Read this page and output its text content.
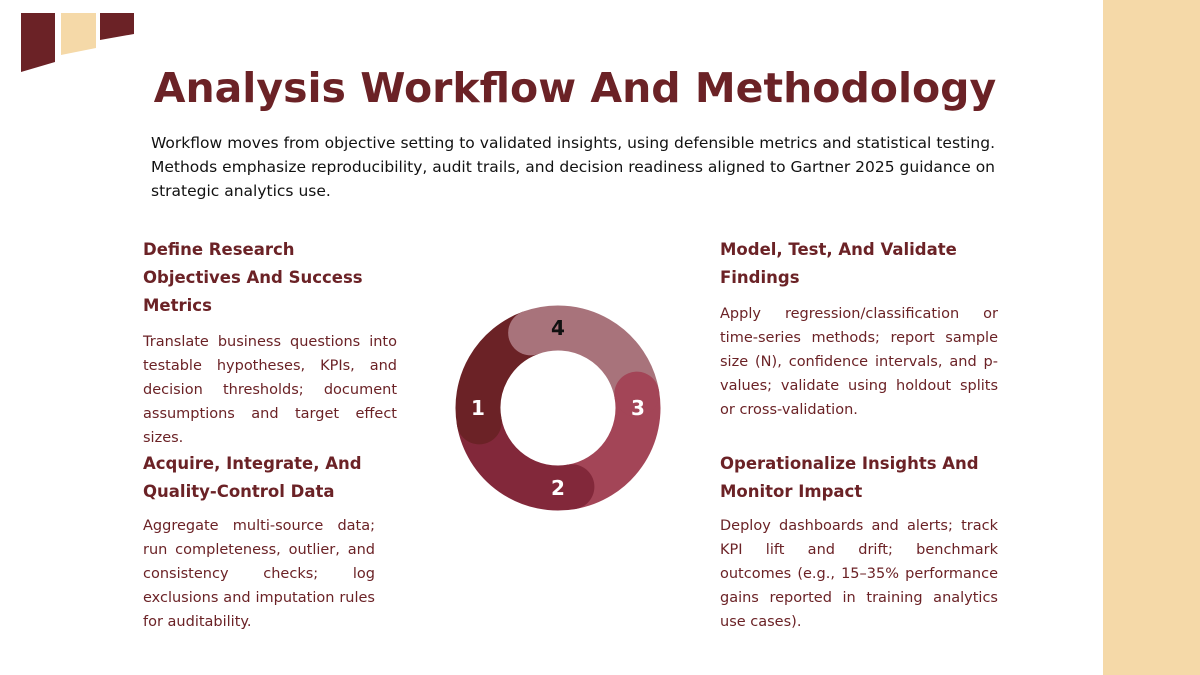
Analysis Workflow And Methodology

Workflow moves from objective setting to validated insights, using defensible metrics and statistical testing. Methods emphasize reproducibility, audit trails, and decision readiness aligned to Gartner 2025 guidance on strategic analytics use.

Define Research Objectives And Success Metrics

Translate business questions into testable hypotheses, KPIs, and decision thresholds; document assumptions and target effect sizes.

Acquire, Integrate, And Quality-Control Data

Aggregate multi-source data; run completeness, outlier, and consistency checks; log exclusions and imputation rules for auditability.

Model, Test, And Validate Findings

Apply regression/classification or time-series methods; report sample size (N), confidence intervals, and p-values; validate using holdout splits or cross-validation.

Operationalize Insights And Monitor Impact

Deploy dashboards and alerts; track KPI lift and drift; benchmark outcomes (e.g., 15–35% performance gains reported in training analytics use cases).

1
2
3
4
